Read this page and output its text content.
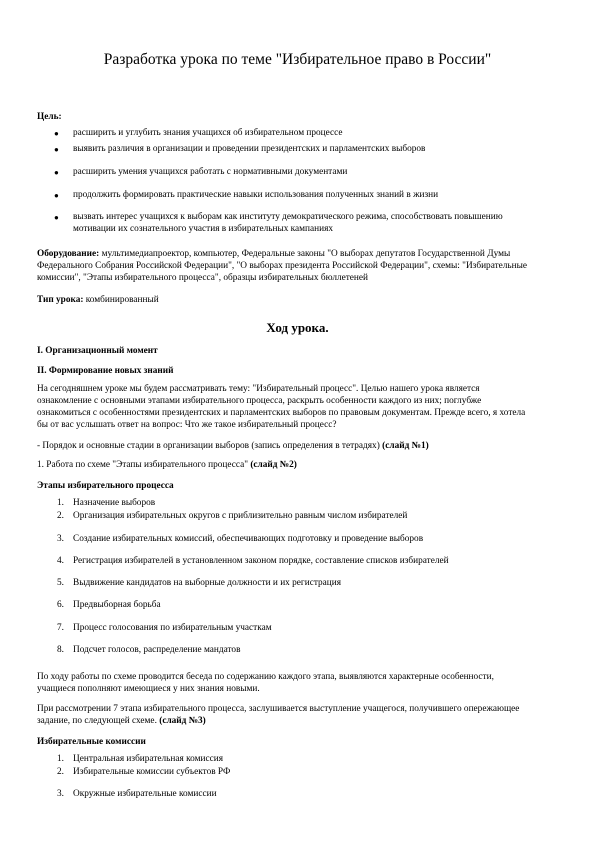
Разработка урока по теме "Избирательное право в России"
Цель:
● расширить и углубить знания учащихся об избирательном процессе
● выявить различия в организации и проведении президентских и парламентских выборов
● расширить умения учащихся работать с нормативными документами
● продолжить формировать практические навыки использования полученных знаний в жизни
● вызвать интерес учащихся к выборам как институту демократического режима, способствовать повышению
мотивации их сознательного участия в избирательных кампаниях
Оборудование: мультимедиапроектор, компьютер, Федеральные законы "О выборах депутатов Государственной Думы
Федерального Собрания Российской Федерации", "О выборах президента Российской Федерации", схемы: "Избирательные
комиссии", "Этапы избирательного процесса", образцы избирательных бюллетеней
Тип урока: комбинированный
Ход урока.
I. Организационный момент
II. Формирование новых знаний
На сегодняшнем уроке мы будем рассматривать тему: "Избирательный процесс". Целью нашего урока является
ознакомление с основными этапами избирательного процесса, раскрыть особенности каждого из них; поглубже
ознакомиться с особенностями президентских и парламентских выборов по правовым документам. Прежде всего, я хотела
бы от вас услышать ответ на вопрос: Что же такое избирательный процесс?
- Порядок и основные стадии в организации выборов (запись определения в тетрадях) (слайд №1)
1. Работа по схеме "Этапы избирательного процесса" (слайд №2)
Этапы избирательного процесса
1. Назначение выборов
2. Организация избирательных округов с приблизительно равным числом избирателей
3. Создание избирательных комиссий, обеспечивающих подготовку и проведение выборов
4. Регистрация избирателей в установленном законом порядке, составление списков избирателей
5. Выдвижение кандидатов на выборные должности и их регистрация
6. Предвыборная борьба
7. Процесс голосования по избирательным участкам
8. Подсчет голосов, распределение мандатов
По ходу работы по схеме проводится беседа по содержанию каждого этапа, выявляются характерные особенности,
учащиеся пополняют имеющиеся у них знания новыми.
При рассмотрении 7 этапа избирательного процесса, заслушивается выступление учащегося, получившего опережающее
задание, по следующей схеме. (слайд №3)
Избирательные комиссии
1. Центральная избирательная комиссия
2. Избирательные комиссии субъектов РФ
3. Окружные избирательные комиссии
